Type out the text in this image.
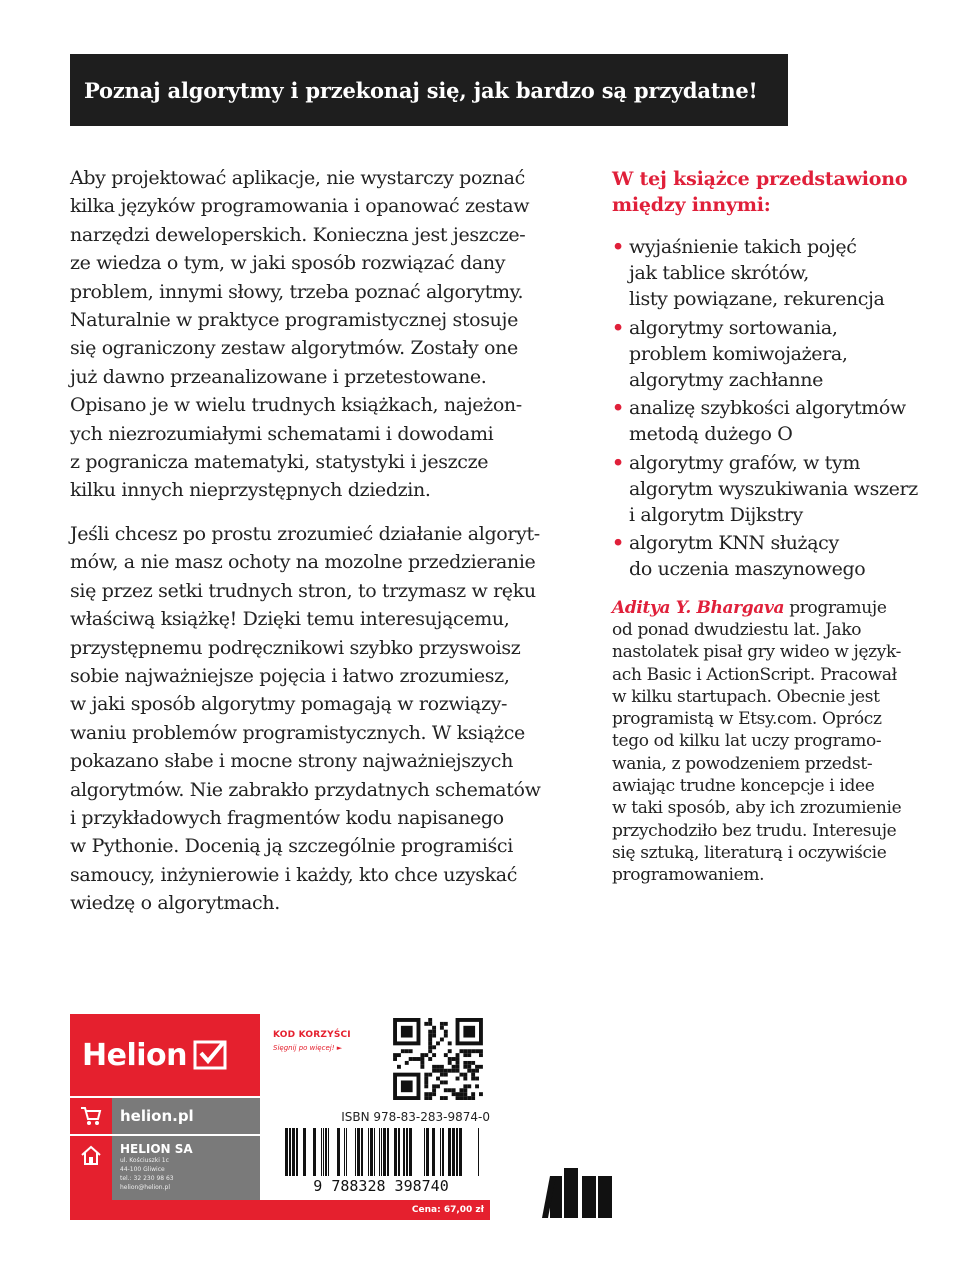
Poznaj algorytmy i przekonaj się, jak bardzo są przydatne!

Aby projektować aplikacje, nie wystarczy poznać
kilka języków programowania i opanować zestaw
narzędzi deweloperskich. Konieczna jest jeszcze-
ze wiedza o tym, w jaki sposób rozwiązać dany
problem, innymi słowy, trzeba poznać algorytmy.
Naturalnie w praktyce programistycznej stosuje
się ograniczony zestaw algorytmów. Zostały one
już dawno przeanalizowane i przetestowane.
Opisano je w wielu trudnych książkach, najeżon-
ych niezrozumiałymi schematami i dowodami
z pogranicza matematyki, statystyki i jeszcze
kilku innych nieprzystępnych dziedzin.

Jeśli chcesz po prostu zrozumieć działanie algoryt-
mów, a nie masz ochoty na mozolne przedzieranie
się przez setki trudnych stron, to trzymasz w ręku
właściwą książkę! Dzięki temu interesującemu,
przystępnemu podręcznikowi szybko przyswoisz
sobie najważniejsze pojęcia i łatwo zrozumiesz,
w jaki sposób algorytmy pomagają w rozwiązy-
waniu problemów programistycznych. W książce
pokazano słabe i mocne strony najważniejszych
algorytmów. Nie zabrakło przydatnych schematów
i przykładowych fragmentów kodu napisanego
w Pythonie. Docenią ją szczególnie programiści
samouсy, inżynierowie i każdy, kto chce uzyskać
wiedzę o algorytmach.

W tej książce przedstawiono
między innymi:
• wyjaśnienie takich pojęć
jak tablice skrótów,
listy powiązane, rekurencja
• algorytmy sortowania,
problem komiwojażera,
algorytmy zachłanne
• analizę szybkości algorytmów
metodą dużego O
• algorytmy grafów, w tym
algorytm wyszukiwania wszerz
i algorytm Dijkstry
• algorytm KNN służący
do uczenia maszynowego
Aditya Y. Bhargava programuje
od ponad dwudziestu lat. Jako
nastolatek pisał gry wideo w język-
ach Basic i ActionScript. Pracował
w kilku startupach. Obecnie jest
programistą w Etsy.com. Oprócz
tego od kilku lat uczy programo-
wania, z powodzeniem przedst-
awiając trudne koncepcje i idee
w taki sposób, aby ich zrozumienie
przychodziło bez trudu. Interesuje
się sztuką, literaturą i oczywiście
programowaniem.
Helion
helion.pl
HELION SA
ul. Kościuszki 1c
44-100 Gliwice
tel.: 32 230 98 63
helion@helion.pl
KOD KORZYŚCI
Sięgnij po więcej! ►
ISBN 978-83-283-9874-0
9 788328 398740
Cena: 67,00 zł
